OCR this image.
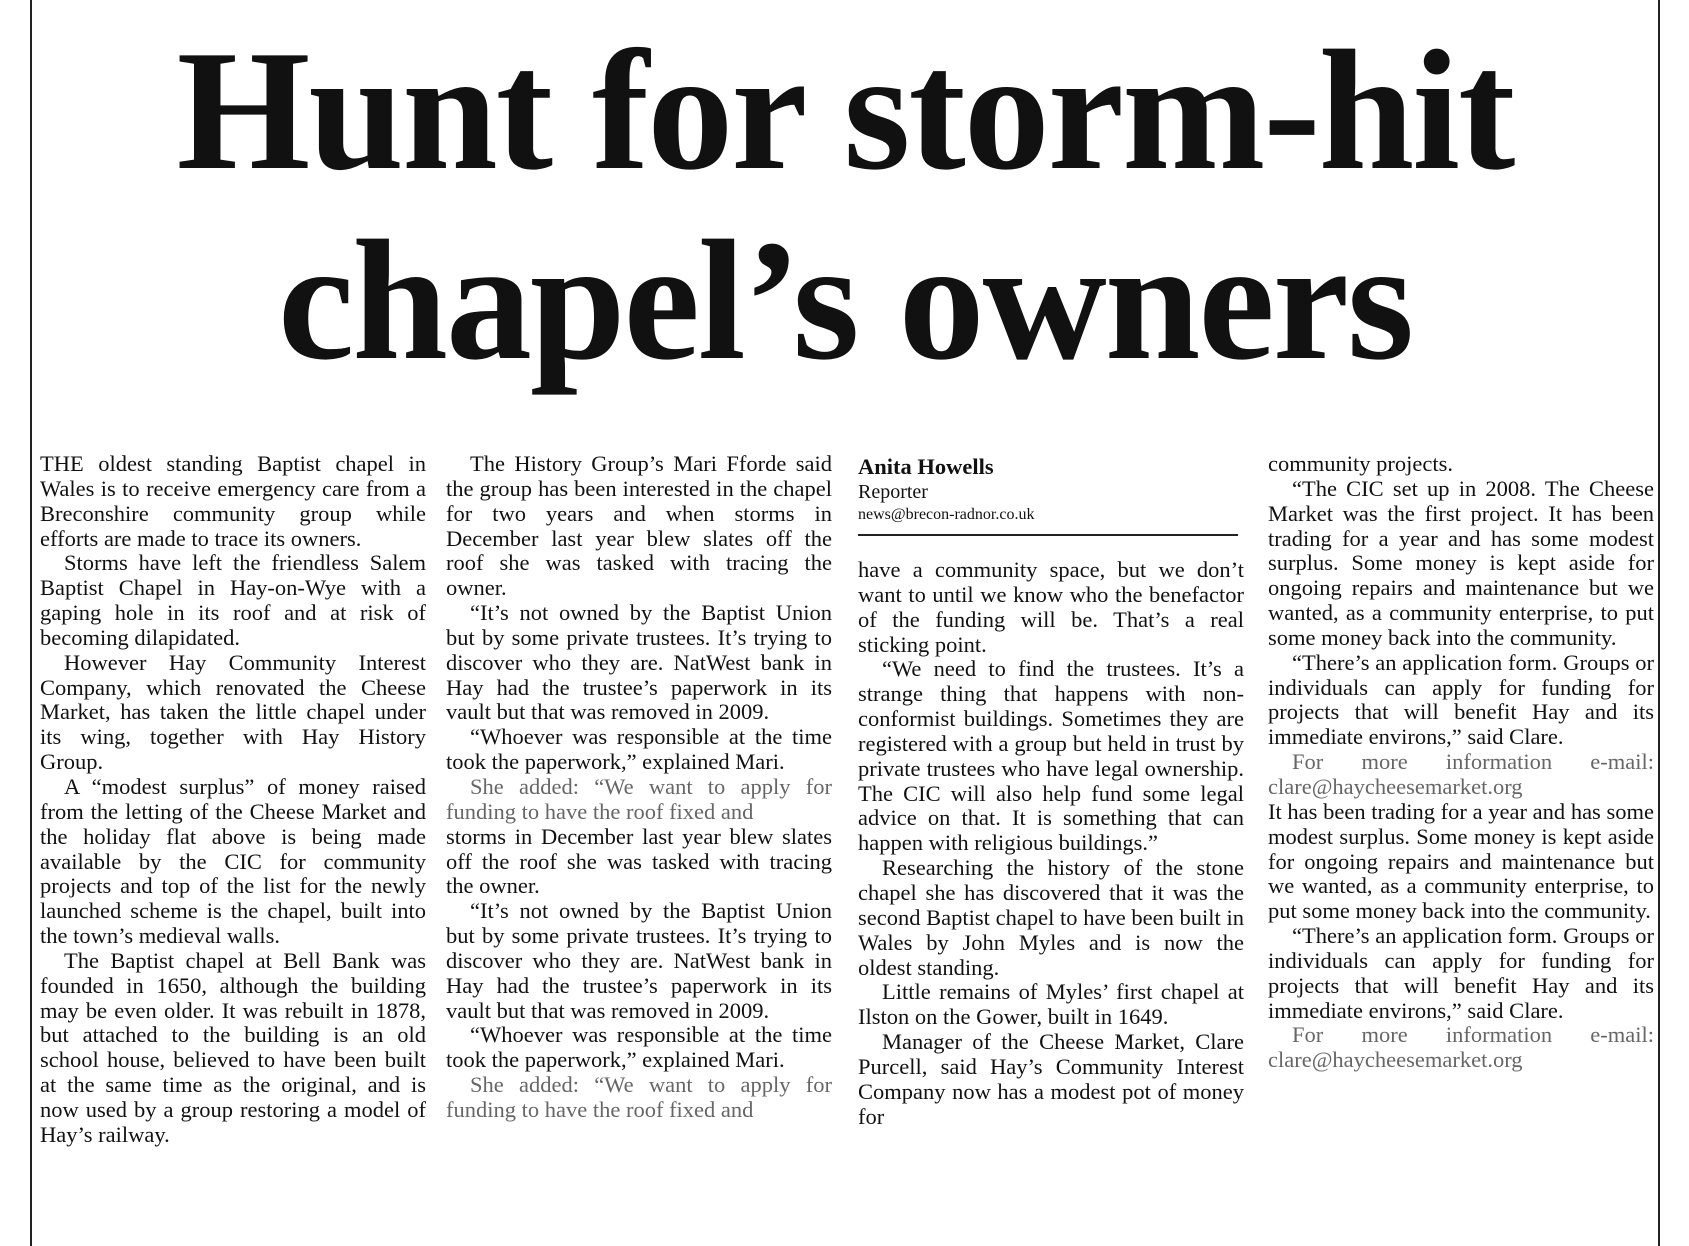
Hunt for storm-hit
chapel’s owners

THE oldest standing Baptist chapel in Wales is to receive emergency care from a Breconshire community group while efforts are made to trace its owners.

Storms have left the friendless Salem Baptist Chapel in Hay-on-Wye with a gaping hole in its roof and at risk of becoming dilapidated.

However Hay Community Interest Company, which renovated the Cheese Market, has taken the little chapel under its wing, together with Hay History Group.

A “modest surplus” of money raised from the letting of the Cheese Market and the holiday flat above is being made available by the CIC for community projects and top of the list for the newly launched scheme is the chapel, built into the town’s medieval walls.

The Baptist chapel at Bell Bank was founded in 1650, although the building may be even older. It was rebuilt in 1878, but attached to the building is an old school house, believed to have been built at the same time as the original, and is now used by a group restoring a model of Hay’s railway.

The History Group’s Mari Fforde said the group has been interested in the chapel for two years and when storms in December last year blew slates off the roof she was tasked with tracing the owner.

“It’s not owned by the Baptist Union but by some private trustees. It’s trying to discover who they are. NatWest bank in Hay had the trustee’s paperwork in its vault but that was removed in 2009.

“Whoever was responsible at the time took the paperwork,” explained Mari.

She added: “We want to apply for funding to have the roof fixed and

storms in December last year blew slates off the roof she was tasked with tracing the owner.

“It’s not owned by the Baptist Union but by some private trustees. It’s trying to discover who they are. NatWest bank in Hay had the trustee’s paperwork in its vault but that was removed in 2009.

“Whoever was responsible at the time took the paperwork,” explained Mari.

She added: “We want to apply for funding to have the roof fixed and

Anita Howells
Reporter
news@brecon-radnor.co.uk

have a community space, but we don’t want to until we know who the benefactor of the funding will be. That’s a real sticking point.

“We need to find the trustees. It’s a strange thing that happens with non-conformist buildings. Sometimes they are registered with a group but held in trust by private trustees who have legal ownership. The CIC will also help fund some legal advice on that. It is something that can happen with religious buildings.”

Researching the history of the stone chapel she has discovered that it was the second Baptist chapel to have been built in Wales by John Myles and is now the oldest standing.

Little remains of Myles’ first chapel at Ilston on the Gower, built in 1649.

Manager of the Cheese Market, Clare Purcell, said Hay’s Community Interest Company now has a modest pot of money for

community projects.

“The CIC set up in 2008. The Cheese Market was the first project. It has been trading for a year and has some modest surplus. Some money is kept aside for ongoing repairs and maintenance but we wanted, as a community enterprise, to put some money back into the community.

“There’s an application form. Groups or individuals can apply for funding for projects that will benefit Hay and its immediate environs,” said Clare.

For more information e-mail: clare@haycheesemarket.org

It has been trading for a year and has some modest surplus. Some money is kept aside for ongoing repairs and maintenance but we wanted, as a community enterprise, to put some money back into the community.

“There’s an application form. Groups or individuals can apply for funding for projects that will benefit Hay and its immediate environs,” said Clare.

For more information e-mail: clare@haycheesemarket.org
